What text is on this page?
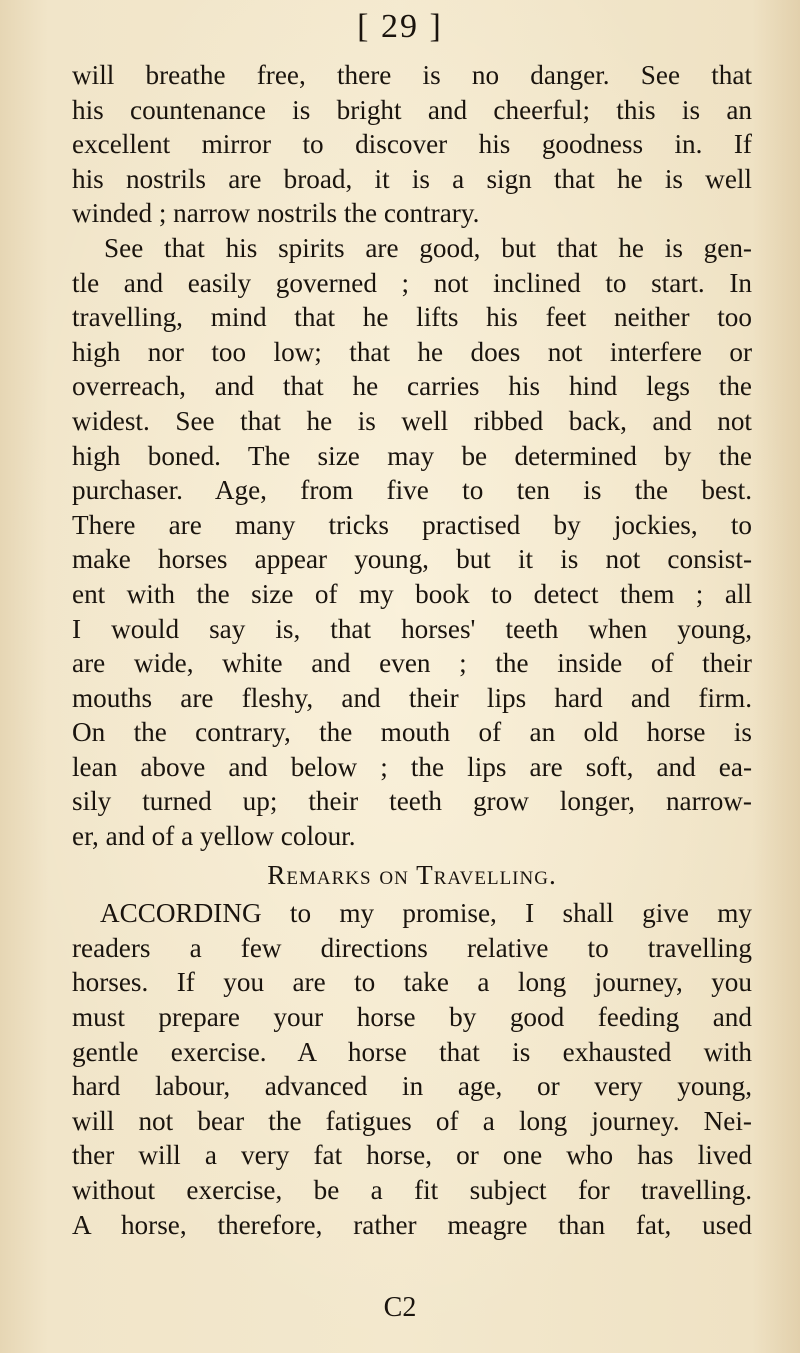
[ 29 ]
will breathe free, there is no danger. See that
his countenance is bright and cheerful; this is an
excellent mirror to discover his goodness in. If
his nostrils are broad, it is a sign that he is well
winded ; narrow nostrils the contrary.
See that his spirits are good, but that he is gen-
tle and easily governed ; not inclined to start. In
travelling, mind that he lifts his feet neither too
high nor too low; that he does not interfere or
overreach, and that he carries his hind legs the
widest. See that he is well ribbed back, and not
high boned. The size may be determined by the
purchaser. Age, from five to ten is the best.
There are many tricks practised by jockies, to
make horses appear young, but it is not consist-
ent with the size of my book to detect them ; all
I would say is, that horses' teeth when young,
are wide, white and even ; the inside of their
mouths are fleshy, and their lips hard and firm.
On the contrary, the mouth of an old horse is
lean above and below ; the lips are soft, and ea-
sily turned up; their teeth grow longer, narrow-
er, and of a yellow colour.
Remarks on Travelling.
ACCORDING to my promise, I shall give my
readers a few directions relative to travelling
horses. If you are to take a long journey, you
must prepare your horse by good feeding and
gentle exercise. A horse that is exhausted with
hard labour, advanced in age, or very young,
will not bear the fatigues of a long journey. Nei-
ther will a very fat horse, or one who has lived
without exercise, be a fit subject for travelling.
A horse, therefore, rather meagre than fat, used
C2
